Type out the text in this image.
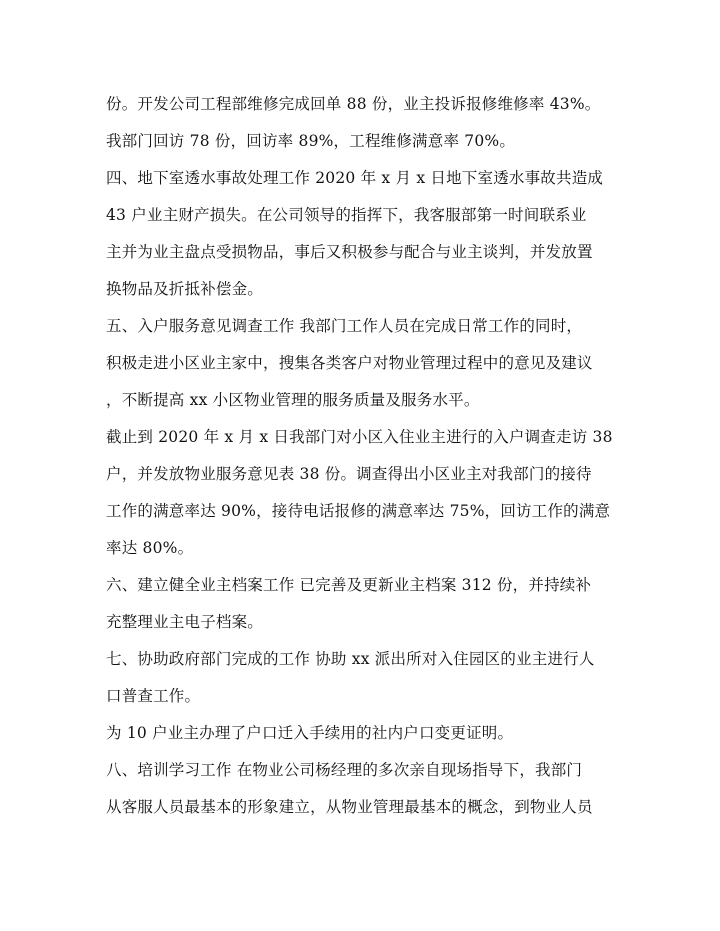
份。开发公司工程部维修完成回单 88 份，业主投诉报修维修率 43%。
我部门回访 78 份，回访率 89%，工程维修满意率 70%。
四、地下室透水事故处理工作 2020 年 x 月 x 日地下室透水事故共造成
43 户业主财产损失。在公司领导的指挥下，我客服部第一时间联系业
主并为业主盘点受损物品，事后又积极参与配合与业主谈判，并发放置
换物品及折抵补偿金。
五、入户服务意见调查工作 我部门工作人员在完成日常工作的同时，
积极走进小区业主家中，搜集各类客户对物业管理过程中的意见及建议
，不断提高 xx 小区物业管理的服务质量及服务水平。
截止到 2020 年 x 月 x 日我部门对小区入住业主进行的入户调查走访 38
户，并发放物业服务意见表 38 份。调查得出小区业主对我部门的接待
工作的满意率达 90%，接待电话报修的满意率达 75%，回访工作的满意
率达 80%。
六、建立健全业主档案工作 已完善及更新业主档案 312 份，并持续补
充整理业主电子档案。
七、协助政府部门完成的工作 协助 xx 派出所对入住园区的业主进行人
口普查工作。
为 10 户业主办理了户口迁入手续用的社内户口变更证明。
八、培训学习工作 在物业公司杨经理的多次亲自现场指导下，我部门
从客服人员最基本的形象建立，从物业管理最基本的概念，到物业人员
